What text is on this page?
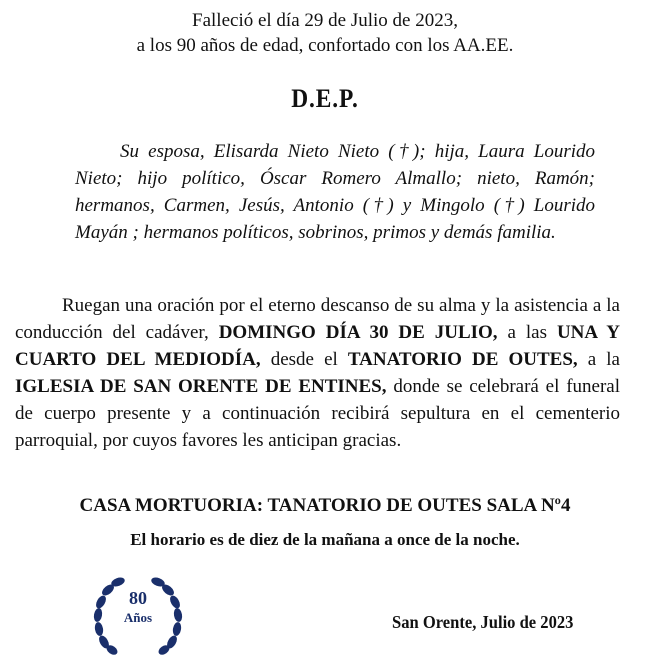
Falleció el día 29 de Julio de 2023,
a los 90 años de edad, confortado con los AA.EE.
D.E.P.
Su esposa, Elisarda Nieto Nieto (†); hija, Laura Lourido Nieto; hijo político, Óscar Romero Almallo; nieto, Ramón; hermanos, Carmen, Jesús, Antonio (†) y Mingolo (†) Lourido Mayán ; hermanos políticos, sobrinos, primos y demás familia.
Ruegan una oración por el eterno descanso de su alma y la asistencia a la conducción del cadáver, DOMINGO DÍA 30 DE JULIO, a las UNA Y CUARTO DEL MEDIODÍA, desde el TANATORIO DE OUTES, a la IGLESIA DE SAN ORENTE DE ENTINES, donde se celebrará el funeral de cuerpo presente y a continuación recibirá sepultura en el cementerio parroquial, por cuyos favores les anticipan gracias.
CASA MORTUORIA: TANATORIO DE OUTES SALA Nº4
El horario es de diez de la mañana a once de la noche.
80
Años	San Orente, Julio de 2023
